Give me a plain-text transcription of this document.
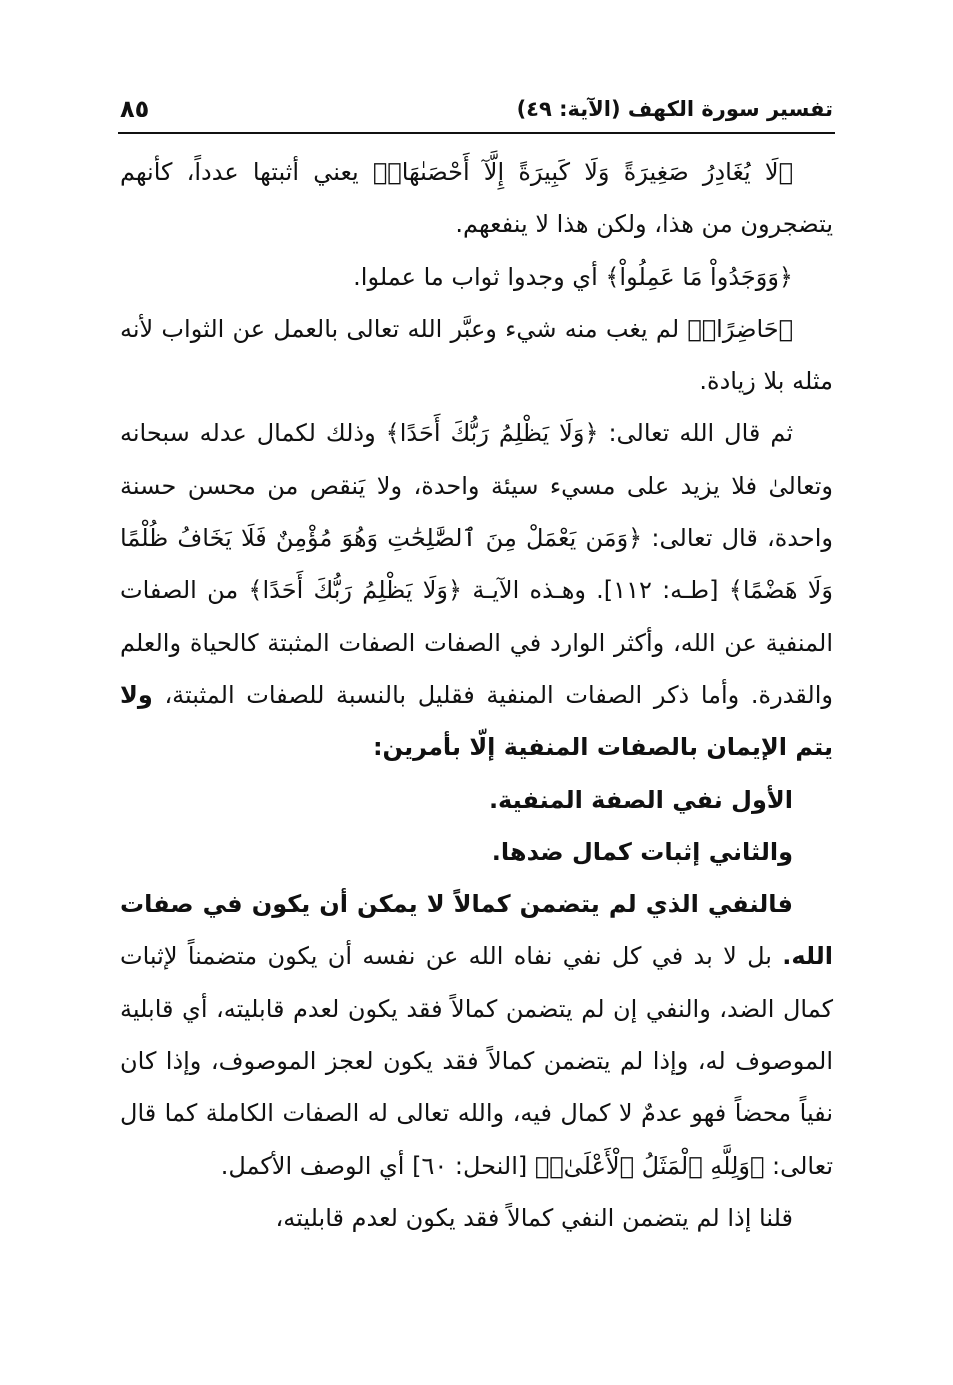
تفسير سورة الكهف (الآية: ٤٩)
٨٥

﴿لَا يُغَادِرُ صَغِيرَةً وَلَا كَبِيرَةً إِلَّآ أَحْصَىٰهَاۚ﴾ يعني أثبتها عدداً، كأنهم يتضجرون من هذا، ولكن هذا لا ينفعهم.

﴿وَوَجَدُواْ مَا عَمِلُواْ﴾ أي وجدوا ثواب ما عملوا.

﴿حَاضِرًاۗ﴾ لم يغب منه شيء وعبَّر الله تعالى بالعمل عن الثواب لأنه مثله بلا زيادة.

ثم قال الله تعالى: ﴿وَلَا يَظْلِمُ رَبُّكَ أَحَدًا﴾ وذلك لكمال عدله سبحانه وتعالىٰ فلا يزيد على مسيء سيئة واحدة، ولا يَنقص من محسن حسنة واحدة، قال تعالى: ﴿وَمَن يَعْمَلْ مِنَ ٱلصَّٰلِحَٰتِ وَهُوَ مُؤْمِنٌ فَلَا يَخَافُ ظُلْمًا وَلَا هَضْمًا﴾ [طـه: ١١٢]. وهـذه الآيـة ﴿وَلَا يَظْلِمُ رَبُّكَ أَحَدًا﴾ من الصفات المنفية عن الله، وأكثر الوارد في الصفات الصفات المثبتة كالحياة والعلم والقدرة. وأما ذكر الصفات المنفية فقليل بالنسبة للصفات المثبتة، ولا يتم الإيمان بالصفات المنفية إلّا بأمرين:

الأول نفي الصفة المنفية.

والثاني إثبات كمال ضدها.

فالنفي الذي لم يتضمن كمالاً لا يمكن أن يكون في صفات الله. بل لا بد في كل نفي نفاه الله عن نفسه أن يكون متضمناً لإثبات كمال الضد، والنفي إن لم يتضمن كمالاً فقد يكون لعدم قابليته، أي قابلية الموصوف له، وإذا لم يتضمن كمالاً فقد يكون لعجز الموصوف، وإذا كان نفياً محضاً فهو عدمٌ لا كمال فيه، والله تعالى له الصفات الكاملة كما قال تعالى: ﴿وَلِلَّهِ ٱلْمَثَلُ ٱلْأَعْلَىٰۚ﴾ [النحل: ٦٠] أي الوصف الأكمل.

قلنا إذا لم يتضمن النفي كمالاً فقد يكون لعدم قابليته،
